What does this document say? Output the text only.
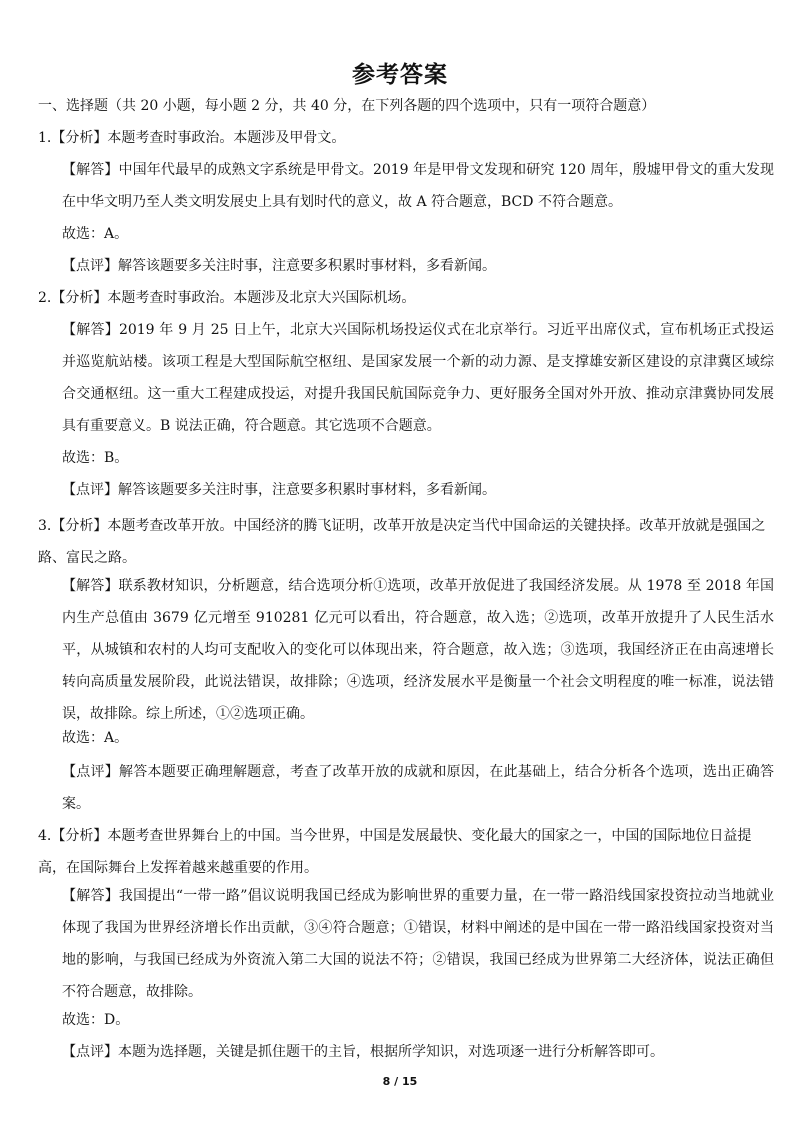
参考答案
一、选择题（共 20 小题，每小题 2 分，共 40 分，在下列各题的四个选项中，只有一项符合题意）
1.【分析】本题考查时事政治。本题涉及甲骨文。
【解答】中国年代最早的成熟文字系统是甲骨文。2019 年是甲骨文发现和研究 120 周年，殷墟甲骨文的重大发现在中华文明乃至人类文明发展史上具有划时代的意义，故 A 符合题意，BCD 不符合题意。
故选：A。
【点评】解答该题要多关注时事，注意要多积累时事材料，多看新闻。
2.【分析】本题考查时事政治。本题涉及北京大兴国际机场。
【解答】2019 年 9 月 25 日上午，北京大兴国际机场投运仪式在北京举行。习近平出席仪式，宣布机场正式投运并巡览航站楼。该项工程是大型国际航空枢纽、是国家发展一个新的动力源、是支撑雄安新区建设的京津冀区域综合交通枢纽。这一重大工程建成投运，对提升我国民航国际竞争力、更好服务全国对外开放、推动京津冀协同发展具有重要意义。B 说法正确，符合题意。其它选项不合题意。
故选：B。
【点评】解答该题要多关注时事，注意要多积累时事材料，多看新闻。
3.【分析】本题考查改革开放。中国经济的腾飞证明，改革开放是决定当代中国命运的关键抉择。改革开放就是强国之路、富民之路。
【解答】联系教材知识，分析题意，结合选项分析①选项，改革开放促进了我国经济发展。从 1978 至 2018 年国内生产总值由 3679 亿元增至 910281 亿元可以看出，符合题意，故入选；②选项，改革开放提升了人民生活水平，从城镇和农村的人均可支配收入的变化可以体现出来，符合题意，故入选；③选项，我国经济正在由高速增长转向高质量发展阶段，此说法错误，故排除；④选项，经济发展水平是衡量一个社会文明程度的唯一标准，说法错误，故排除。综上所述，①②选项正确。
故选：A。
【点评】解答本题要正确理解题意，考查了改革开放的成就和原因，在此基础上，结合分析各个选项，选出正确答案。
4.【分析】本题考查世界舞台上的中国。当今世界，中国是发展最快、变化最大的国家之一，中国的国际地位日益提高，在国际舞台上发挥着越来越重要的作用。
【解答】我国提出“一带一路”倡议说明我国已经成为影响世界的重要力量，在一带一路沿线国家投资拉动当地就业体现了我国为世界经济增长作出贡献，③④符合题意；①错误，材料中阐述的是中国在一带一路沿线国家投资对当地的影响，与我国已经成为外资流入第二大国的说法不符；②错误，我国已经成为世界第二大经济体，说法正确但不符合题意，故排除。
故选：D。
【点评】本题为选择题，关键是抓住题干的主旨，根据所学知识，对选项逐一进行分析解答即可。
8 / 15
